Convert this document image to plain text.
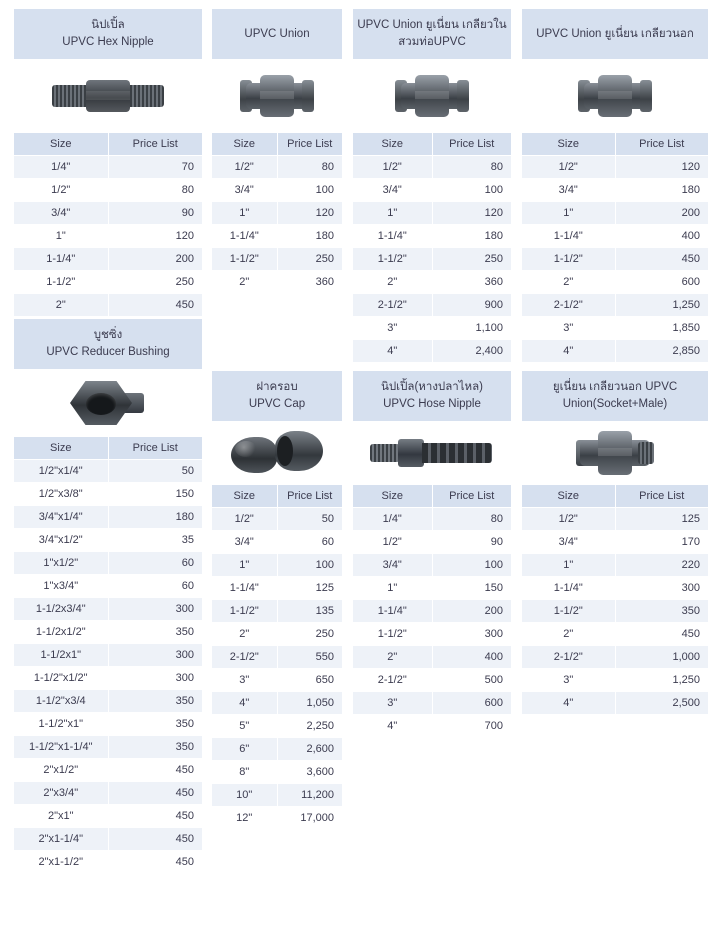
นิปเปิ้ล
UPVC Hex Nipple
Size	Price List
1/4"	70
1/2"	80
3/4"	90
1"	120
1-1/4"	200
1-1/2"	250
2"	450
UPVC Union
Size	Price List
1/2"	80
3/4"	100
1"	120
1-1/4"	180
1-1/2"	250
2"	360
UPVC Union ยูเนี่ยน เกลียวใน
สวมท่อUPVC
Size	Price List
1/2"	80
3/4"	100
1"	120
1-1/4"	180
1-1/2"	250
2"	360
2-1/2"	900
3"	1,100
4"	2,400
UPVC Union ยูเนี่ยน เกลียวนอก
Size	Price List
1/2"	120
3/4"	180
1"	200
1-1/4"	400
1-1/2"	450
2"	600
2-1/2"	1,250
3"	1,850
4"	2,850
บูชซิ่ง
UPVC Reducer Bushing
Size	Price List
1/2"x1/4"	50
1/2"x3/8"	150
3/4"x1/4"	180
3/4"x1/2"	35
1"x1/2"	60
1"x3/4"	60
1-1/2x3/4"	300
1-1/2x1/2"	350
1-1/2x1"	300
1-1/2"x1/2"	300
1-1/2"x3/4	350
1-1/2"x1"	350
1-1/2"x1-1/4"	350
2"x1/2"	450
2"x3/4"	450
2"x1"	450
2"x1-1/4"	450
2"x1-1/2"	450
ฝาครอบ
UPVC Cap
Size	Price List
1/2"	50
3/4"	60
1"	100
1-1/4"	125
1-1/2"	135
2"	250
2-1/2"	550
3"	650
4"	1,050
5"	2,250
6"	2,600
8"	3,600
10"	11,200
12"	17,000
นิปเปิ้ล(หางปลาไหล)
UPVC Hose Nipple
Size	Price List
1/4"	80
1/2"	90
3/4"	100
1"	150
1-1/4"	200
1-1/2"	300
2"	400
2-1/2"	500
3"	600
4"	700
ยูเนี่ยน เกลียวนอก UPVC
Union(Socket+Male)
Size	Price List
1/2"	125
3/4"	170
1"	220
1-1/4"	300
1-1/2"	350
2"	450
2-1/2"	1,000
3"	1,250
4"	2,500
